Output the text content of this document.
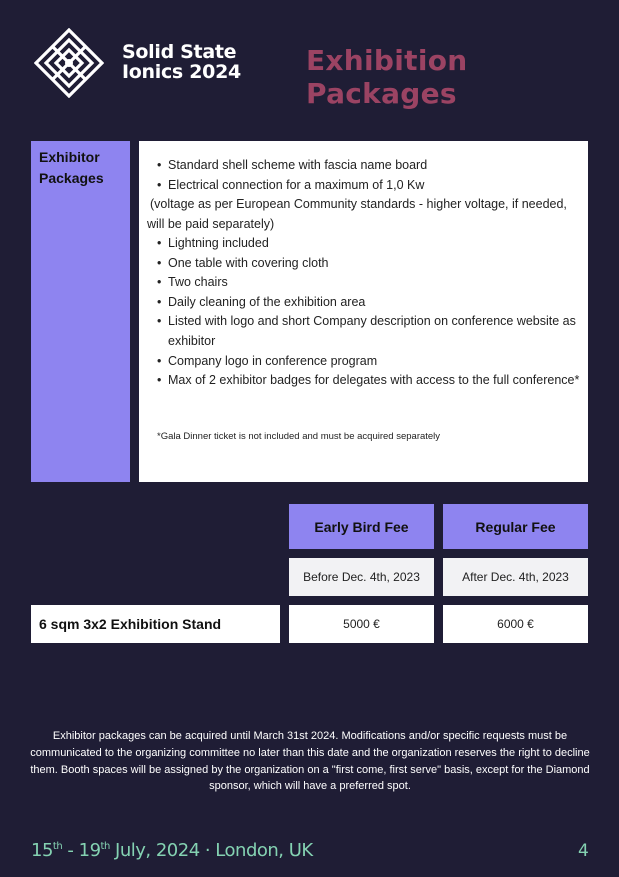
Solid State
Ionics 2024 Exhibition Packages
Exhibitor
Packages
• Standard shell scheme with fascia name board
• Electrical connection for a maximum of 1,0 Kw
(voltage as per European Community standards - higher voltage, if needed, will be paid separately)
• Lightning included
• One table with covering cloth
• Two chairs
• Daily cleaning of the exhibition area
• Listed with logo and short Company description on conference website as exhibitor
• Company logo in conference program
• Max of 2 exhibitor badges for delegates with access to the full conference*
*Gala Dinner ticket is not included and must be acquired separately
Early Bird Fee	Regular Fee
Before Dec. 4th, 2023	After Dec. 4th, 2023
6 sqm 3x2 Exhibition Stand	5000 €	6000 €
Exhibitor packages can be acquired until March 31st 2024. Modifications and/or specific requests must be communicated to the organizing committee no later than this date and the organization reserves the right to decline them. Booth spaces will be assigned by the organization on a "first come, first serve" basis, except for the Diamond sponsor, which will have a preferred spot.
15th - 19th July, 2024 · London, UK	4
